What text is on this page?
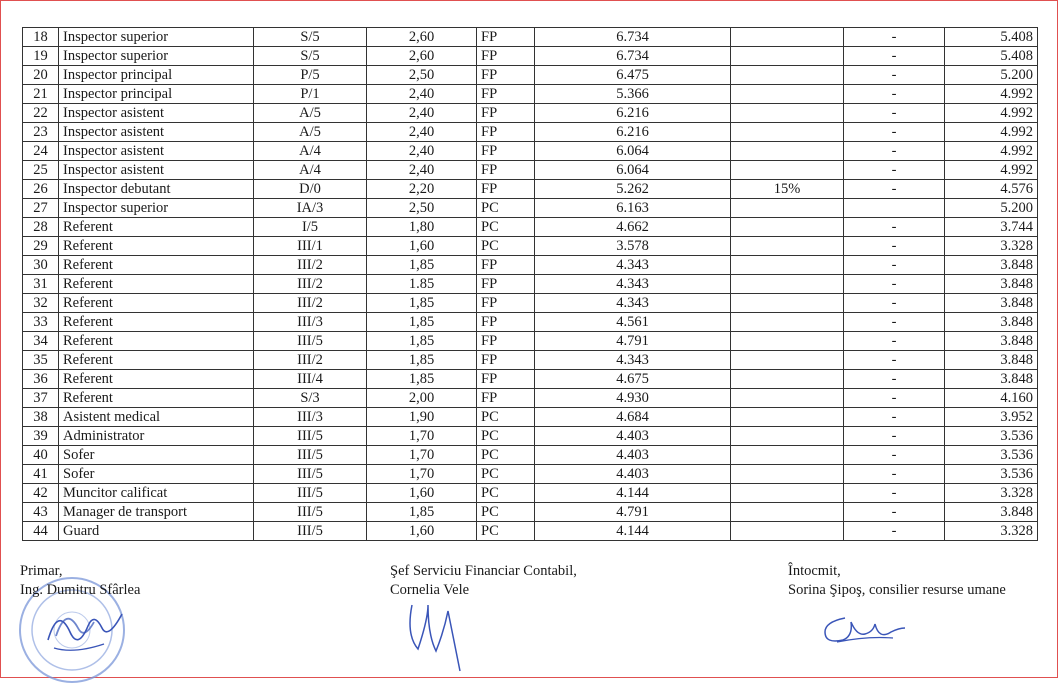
18	Inspector superior	S/5	2,60	FP	6.734		-	5.408
19	Inspector superior	S/5	2,60	FP	6.734		-	5.408
20	Inspector principal	P/5	2,50	FP	6.475		-	5.200
21	Inspector principal	P/1	2,40	FP	5.366		-	4.992
22	Inspector asistent	A/5	2,40	FP	6.216		-	4.992
23	Inspector asistent	A/5	2,40	FP	6.216		-	4.992
24	Inspector asistent	A/4	2,40	FP	6.064		-	4.992
25	Inspector asistent	A/4	2,40	FP	6.064		-	4.992
26	Inspector debutant	D/0	2,20	FP	5.262	15%	-	4.576
27	Inspector superior	IA/3	2,50	PC	6.163			5.200
28	Referent	I/5	1,80	PC	4.662		-	3.744
29	Referent	III/1	1,60	PC	3.578		-	3.328
30	Referent	III/2	1,85	FP	4.343		-	3.848
31	Referent	III/2	1.85	FP	4.343		-	3.848
32	Referent	III/2	1,85	FP	4.343		-	3.848
33	Referent	III/3	1,85	FP	4.561		-	3.848
34	Referent	III/5	1,85	FP	4.791		-	3.848
35	Referent	III/2	1,85	FP	4.343		-	3.848
36	Referent	III/4	1,85	FP	4.675		-	3.848
37	Referent	S/3	2,00	FP	4.930		-	4.160
38	Asistent medical	III/3	1,90	PC	4.684		-	3.952
39	Administrator	III/5	1,70	PC	4.403		-	3.536
40	Sofer	III/5	1,70	PC	4.403		-	3.536
41	Sofer	III/5	1,70	PC	4.403		-	3.536
42	Muncitor calificat	III/5	1,60	PC	4.144		-	3.328
43	Manager de transport	III/5	1,85	PC	4.791		-	3.848
44	Guard	III/5	1,60	PC	4.144		-	3.328
Primar,
Ing. Dumitru Sfârlea
Şef Serviciu Financiar Contabil,
Cornelia Vele
Întocmit,
Sorina Şipoş, consilier resurse umane
